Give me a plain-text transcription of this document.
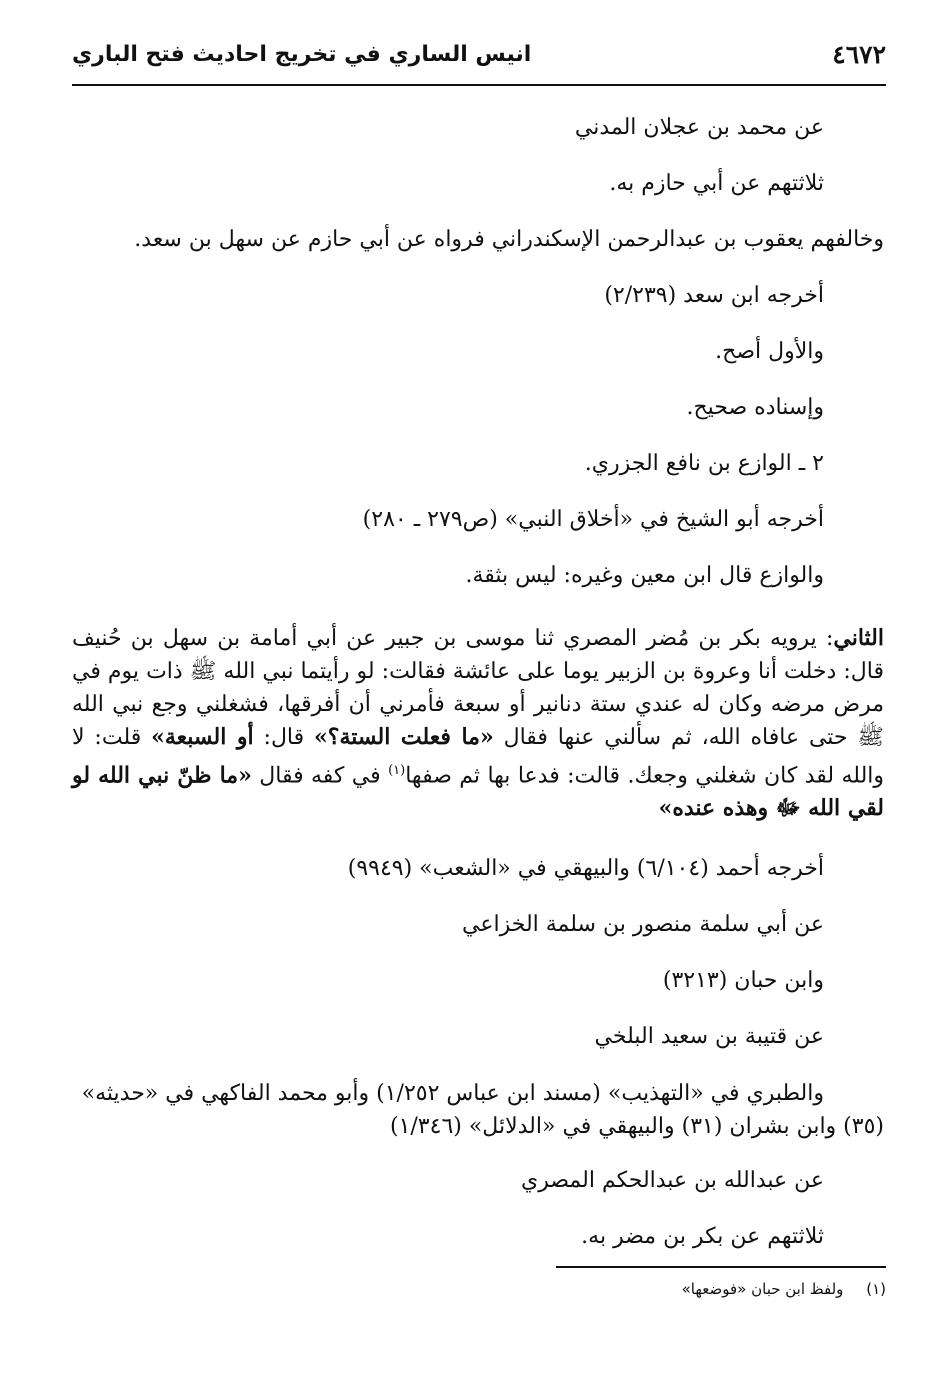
٤٦٧٢
انيس الساري في تخريج احاديث فتح الباري
عن محمد بن عجلان المدني
ثلاثتهم عن أبي حازم به.
وخالفهم يعقوب بن عبدالرحمن الإسكندراني فرواه عن أبي حازم عن سهل بن سعد.
أخرجه ابن سعد (٢/٢٣٩)
والأول أصح.
وإسناده صحيح.
٢ ـ الوازع بن نافع الجزري.
أخرجه أبو الشيخ في «أخلاق النبي» (ص٢٧٩ ـ ٢٨٠)
والوازع قال ابن معين وغيره: ليس بثقة.
الثاني: يرويه بكر بن مُضر المصري ثنا موسى بن جبير عن أبي أمامة بن سهل بن حُنيف قال: دخلت أنا وعروة بن الزبير يوما على عائشة فقالت: لو رأيتما نبي الله ﷺ ذات يوم في مرض مرضه وكان له عندي ستة دنانير أو سبعة فأمرني أن أفرقها، فشغلني وجع نبي الله ﷺ حتى عافاه الله، ثم سألني عنها فقال «ما فعلت الستة؟» قال: أو السبعة» قلت: لا والله لقد كان شغلني وجعك. قالت: فدعا بها ثم صفها$^{(١)}$ في كفه فقال «ما ظنّ نبي الله لو لقي الله ﷻ وهذه عنده»
أخرجه أحمد (٦/١٠٤) والبيهقي في «الشعب» (٩٩٤٩)
عن أبي سلمة منصور بن سلمة الخزاعي
وابن حبان (٣٢١٣)
عن قتيبة بن سعيد البلخي
والطبري في «التهذيب» (مسند ابن عباس ١/٢٥٢) وأبو محمد الفاكهي في «حديثه» (٣٥) وابن بشران (٣١) والبيهقي في «الدلائل» (١/٣٤٦)
عن عبدالله بن عبدالحكم المصري
ثلاثتهم عن بكر بن مضر به.
(١) ولفظ ابن حبان «فوضعها»
